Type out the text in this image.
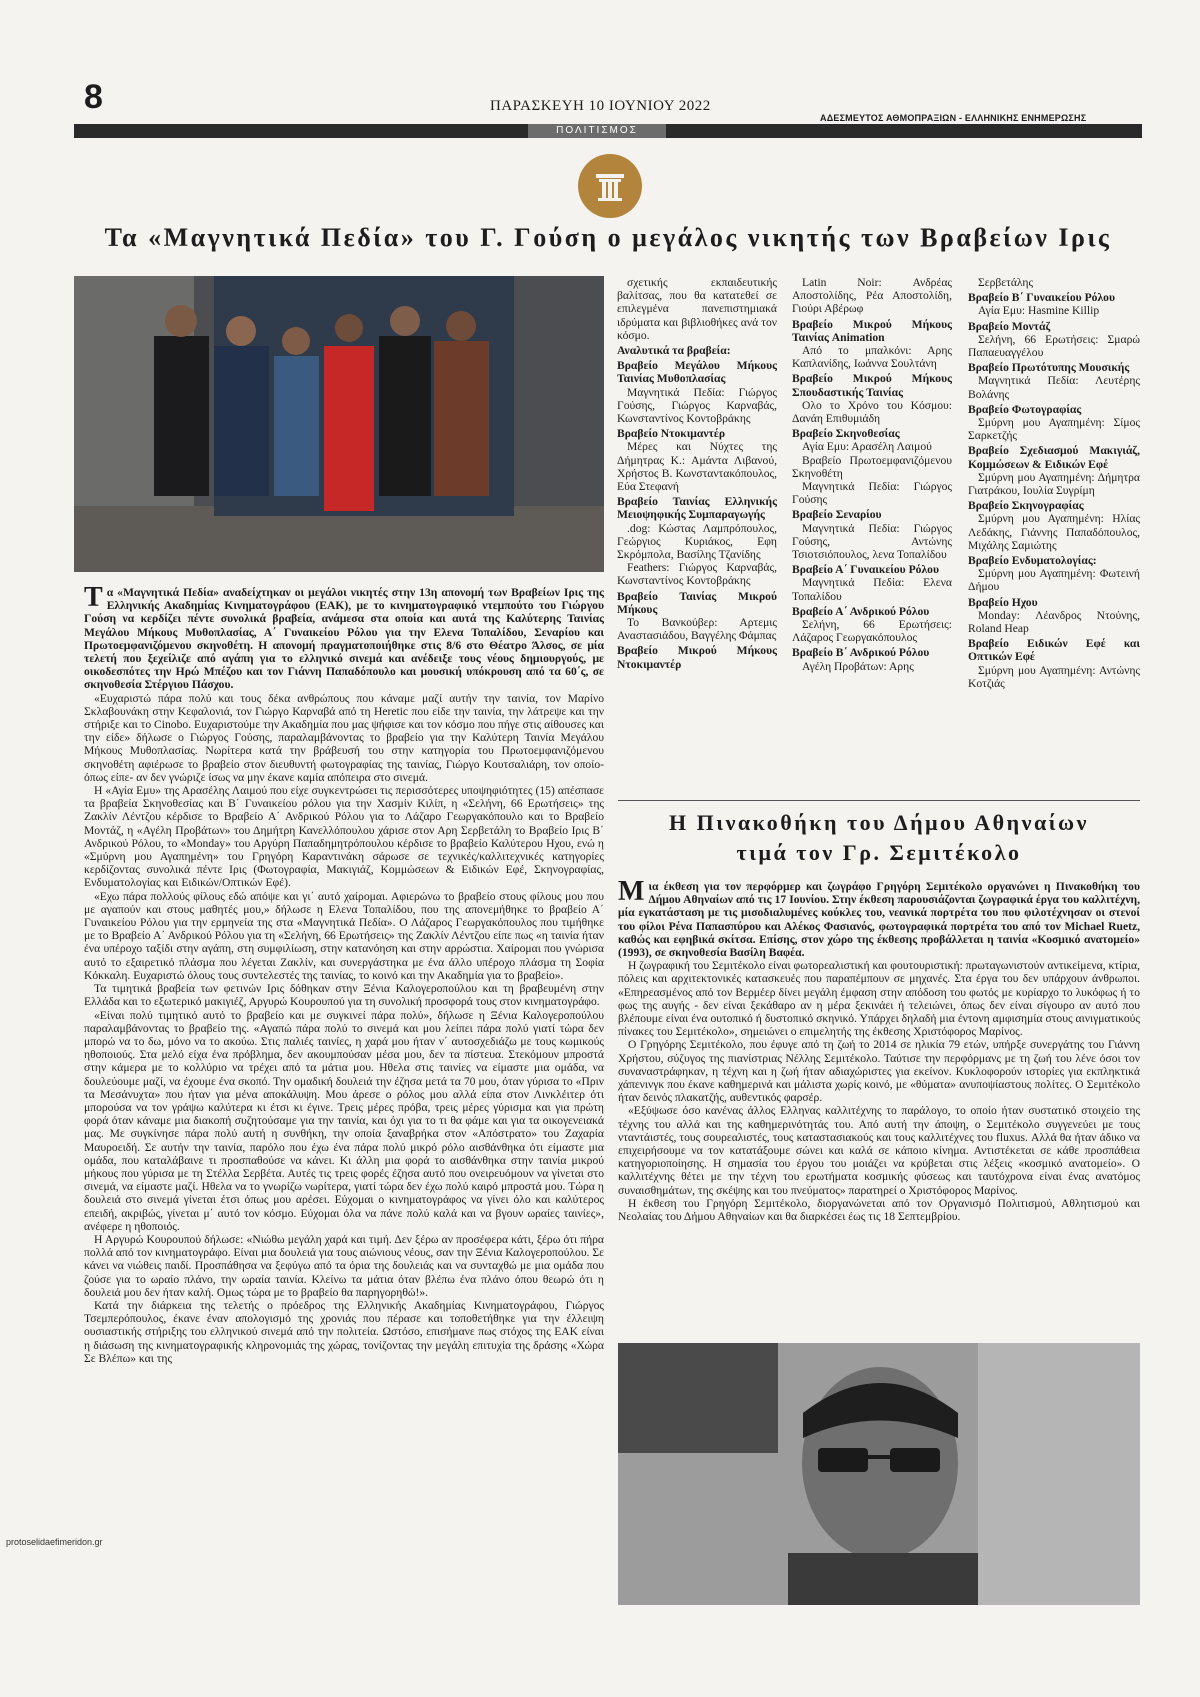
8	ΠΑΡΑΣΚΕΥΗ 10 ΙΟΥΝΙΟΥ 2022
ΑΔΕΣΜΕΥΤΟΣ ΑΘΜΟΠΡΑΞΙΩΝ - ΕΛΛΗΝΙΚΗΣ ΕΝΗΜΕΡΩΣΗΣ
ΠΟΛΙΤΙΣΜΟΣ
Τα «Μαγνητικά Πεδία» του Γ. Γούση ο μεγάλος νικητής των Βραβείων Ιρις

Τα «Μαγνητικά Πεδία» αναδείχτηκαν οι μεγάλοι νικητές στην 13η απονομή των Βραβείων Ιρις της Ελληνικής Ακαδημίας Κινηματογράφου (ΕΑΚ), με το κινηματογραφικό ντεμπούτο του Γιώργου Γούση να κερδίζει πέντε συνολικά βραβεία, ανάμεσα στα οποία και αυτά της Καλύτερης Ταινίας Μεγάλου Μήκους Μυθοπλασίας, Α΄ Γυναικείου Ρόλου για την Ελενα Τοπαλίδου, Σεναρίου και Πρωτοεμφανιζόμενου σκηνοθέτη. Η απονομή πραγματοποιήθηκε στις 8/6 στο Θέατρο Άλσος, σε μία τελετή που ξεχείλιζε από αγάπη για το ελληνικό σινεμά και ανέδειξε τους νέους δημιουργούς, με οικοδεσπότες την Ηρώ Μπέζου και τον Γιάννη Παπαδόπουλο και μουσική υπόκρουση από τα 60΄ς, σε σκηνοθεσία Στέργιου Πάσχου.

«Ευχαριστώ πάρα πολύ και τους δέκα ανθρώπους που κάναμε μαζί αυτήν την ταινία, τον Μαρίνο Σκλαβουνάκη στην Κεφαλονιά, τον Γιώργο Καρναβά από τη Heretic που είδε την ταινία, την λάτρεψε και την στήριξε και το Cinobo. Ευχαριστούμε την Ακαδημία που μας ψήφισε και τον κόσμο που πήγε στις αίθουσες και την είδε» δήλωσε ο Γιώργος Γούσης, παραλαμβάνοντας το βραβείο για την Καλύτερη Ταινία Μεγάλου Μήκους Μυθοπλασίας. Νωρίτερα κατά την βράβευσή του στην κατηγορία του Πρωτοεμφανιζόμενου σκηνοθέτη αφιέρωσε το βραβείο στον διευθυντή φωτογραφίας της ταινίας, Γιώργο Κουτσαλιάρη, τον οποίο- όπως είπε- αν δεν γνώριζε ίσως να μην έκανε καμία απόπειρα στο σινεμά.

Η «Αγία Εμυ» της Αρασέλης Λαιμού που είχε συγκεντρώσει τις περισσότερες υποψηφιότητες (15) απέσπασε τα βραβεία Σκηνοθεσίας και Β΄ Γυναικείου ρόλου για την Χασμίν Κιλίπ, η «Σελήνη, 66 Ερωτήσεις» της Ζακλίν Λέντζου κέρδισε το Βραβείο Α΄ Ανδρικού Ρόλου για το Λάζαρο Γεωργακόπουλο και το Βραβείο Μοντάζ, η «Αγέλη Προβάτων» του Δημήτρη Κανελλόπουλου χάρισε στον Αρη Σερβετάλη το Βραβείο Ιρις Β΄ Ανδρικού Ρόλου, το «Monday» του Αργύρη Παπαδημητρόπουλου κέρδισε το βραβείο Καλύτερου Ηχου, ενώ η «Σμύρνη μου Αγαπημένη» του Γρηγόρη Καραντινάκη σάρωσε σε τεχνικές/καλλιτεχνικές κατηγορίες κερδίζοντας συνολικά πέντε Ιρις (Φωτογραφία, Μακιγιάζ, Κομμώσεων & Ειδικών Εφέ, Σκηνογραφίας, Ενδυματολογίας και Ειδικών/Οπτικών Εφέ).

«Εχω πάρα πολλούς φίλους εδώ απόψε και γι΄ αυτό χαίρομαι. Αφιερώνω το βραβείο στους φίλους μου που με αγαπούν και στους μαθητές μου,» δήλωσε η Ελενα Τοπαλίδου, που της απονεμήθηκε το βραβείο Α΄ Γυναικείου Ρόλου για την ερμηνεία της στα «Μαγνητικά Πεδία». Ο Λάζαρος Γεωργακόπουλος που τιμήθηκε με το Βραβείο Α΄ Ανδρικού Ρόλου για τη «Σελήνη, 66 Ερωτήσεις» της Ζακλίν Λέντζου είπε πως «η ταινία ήταν ένα υπέροχο ταξίδι στην αγάπη, στη συμφιλίωση, στην κατανόηση και στην αρρώστια. Χαίρομαι που γνώρισα αυτό το εξαιρετικό πλάσμα που λέγεται Ζακλίν, και συνεργάστηκα με ένα άλλο υπέροχο πλάσμα τη Σοφία Κόκκαλη. Ευχαριστώ όλους τους συντελεστές της ταινίας, το κοινό και την Ακαδημία για το βραβείο».

Τα τιμητικά βραβεία των φετινών Ιρις δόθηκαν στην Ξένια Καλογεροπούλου και τη βραβευμένη στην Ελλάδα και το εξωτερικό μακιγιέζ, Αργυρώ Κουρουπού για τη συνολική προσφορά τους στον κινηματογράφο.

«Είναι πολύ τιμητικό αυτό το βραβείο και με συγκινεί πάρα πολύ», δήλωσε η Ξένια Καλογεροπούλου παραλαμβάνοντας το βραβείο της. «Αγαπώ πάρα πολύ το σινεμά και μου λείπει πάρα πολύ γιατί τώρα δεν μπορώ να το δω, μόνο να το ακούω. Στις παλιές ταινίες, η χαρά μου ήταν ν΄ αυτοσχεδιάζω με τους κωμικούς ηθοποιούς. Στα μελό είχα ένα πρόβλημα, δεν ακουμπούσαν μέσα μου, δεν τα πίστευα. Στεκόμουν μπροστά στην κάμερα με το κολλύριο να τρέχει από τα μάτια μου. Ηθελα στις ταινίες να είμαστε μια ομάδα, να δουλεύουμε μαζί, να έχουμε ένα σκοπό. Την ομαδική δουλειά την έζησα μετά τα 70 μου, όταν γύρισα το «Πριν τα Μεσάνυχτα» που ήταν για μένα αποκάλυψη. Μου άρεσε ο ρόλος μου αλλά είπα στον Λινκλέιτερ ότι μπορούσα να τον γράψω καλύτερα κι έτσι κι έγινε. Τρεις μέρες πρόβα, τρεις μέρες γύρισμα και για πρώτη φορά όταν κάναμε μια διακοπή συζητούσαμε για την ταινία, και όχι για το τι θα φάμε και για τα οικογενειακά μας. Με συγκίνησε πάρα πολύ αυτή η συνθήκη, την οποία ξαναβρήκα στον «Απόστρατο» του Ζαχαρία Μαυροειδή. Σε αυτήν την ταινία, παρόλο που έχω ένα πάρα πολύ μικρό ρόλο αισθάνθηκα ότι είμαστε μια ομάδα, που καταλάβαινε τι προσπαθούσε να κάνει. Κι άλλη μια φορά το αισθάνθηκα στην ταινία μικρού μήκους που γύρισα με τη Στέλλα Σερβέτα. Αυτές τις τρεις φορές έζησα αυτό που ονειρευόμουν να γίνεται στο σινεμά, να είμαστε μαζί. Ηθελα να το γνωρίζω νωρίτερα, γιατί τώρα δεν έχω πολύ καιρό μπροστά μου. Τώρα η δουλειά στο σινεμά γίνεται έτσι όπως μου αρέσει. Εύχομαι ο κινηματογράφος να γίνει όλο και καλύτερος επειδή, ακριβώς, γίνεται μ΄ αυτό τον κόσμο. Εύχομαι όλα να πάνε πολύ καλά και να βγουν ωραίες ταινίες», ανέφερε η ηθοποιός.

Η Αργυρώ Κουρουπού δήλωσε: «Νιώθω μεγάλη χαρά και τιμή. Δεν ξέρω αν προσέφερα κάτι, ξέρω ότι πήρα πολλά από τον κινηματογράφο. Είναι μια δουλειά για τους αιώνιους νέους, σαν την Ξένια Καλογεροπούλου. Σε κάνει να νιώθεις παιδί. Προσπάθησα να ξεφύγω από τα όρια της δουλειάς και να συνταχθώ με μια ομάδα που ζούσε για το ωραίο πλάνο, την ωραία ταινία. Κλείνω τα μάτια όταν βλέπω ένα πλάνο όπου θεωρώ ότι η δουλειά μου δεν ήταν καλή. Ομως τώρα με το βραβείο θα παρηγορηθώ!».

Κατά την διάρκεια της τελετής ο πρόεδρος της Ελληνικής Ακαδημίας Κινηματογράφου, Γιώργος Τσεμπερόπουλος, έκανε έναν απολογισμό της χρονιάς που πέρασε και τοποθετήθηκε για την έλλειψη ουσιαστικής στήριξης του ελληνικού σινεμά από την πολιτεία. Ωστόσο, επισήμανε πως στόχος της ΕΑΚ είναι η διάσωση της κινηματογραφικής κληρονομιάς της χώρας, τονίζοντας την μεγάλη επιτυχία της δράσης «Χώρα Σε Βλέπω» και της

σχετικής εκπαιδευτικής βαλίτσας, που θα κατατεθεί σε επιλεγμένα πανεπιστημιακά ιδρύματα και βιβλιοθήκες ανά τον κόσμο.

Αναλυτικά τα βραβεία:

Βραβείο Μεγάλου Μήκους Ταινίας Μυθοπλασίας

Μαγνητικά Πεδία: Γιώργος Γούσης, Γιώργος Καρναβάς, Κωνσταντίνος Κοντοβράκης

Βραβείο Ντοκιμαντέρ

Μέρες και Νύχτες της Δήμητρας Κ.: Αμάντα Λιβανού, Χρήστος Β. Κωνσταντακόπουλος, Εύα Στεφανή

Βραβείο Ταινίας Ελληνικής Μειοψηφικής Συμπαραγωγής

.dog: Κώστας Λαμπρόπουλος, Γεώργιος Κυριάκος, Εφη Σκρόμπολα, Βασίλης Τζανίδης

Feathers: Γιώργος Καρναβάς, Κωνσταντίνος Κοντοβράκης

Βραβείο Ταινίας Μικρού Μήκους

Το Βανκούβερ: Αρτεμις Αναστασιάδου, Βαγγέλης Φάμπας

Βραβείο Μικρού Μήκους Ντοκιμαντέρ

Latin Noir: Ανδρέας Αποστολίδης, Ρέα Αποστολίδη, Γιούρι Αβέρωφ

Βραβείο Μικρού Μήκους Ταινίας Animation

Από το μπαλκόνι: Αρης Καπλανίδης, Ιωάννα Σουλτάνη

Βραβείο Μικρού Μήκους Σπουδαστικής Ταινίας

Ολο το Χρόνο του Κόσμου: Δανάη Επιθυμιάδη

Βραβείο Σκηνοθεσίας

Αγία Εμυ: Αρασέλη Λαιμού

Βραβείο Πρωτοεμφανιζόμενου Σκηνοθέτη

Μαγνητικά Πεδία: Γιώργος Γούσης

Βραβείο Σεναρίου

Μαγνητικά Πεδία: Γιώργος Γούσης, Αντώνης Τσιοτσιόπουλος, λενα Τοπαλίδου

Βραβείο Α΄ Γυναικείου Ρόλου

Μαγνητικά Πεδία: Ελενα Τοπαλίδου

Βραβείο Α΄ Ανδρικού Ρόλου

Σελήνη, 66 Ερωτήσεις: Λάζαρος Γεωργακόπουλος

Βραβείο Β΄ Ανδρικού Ρόλου

Αγέλη Προβάτων: Αρης

Σερβετάλης

Βραβείο Β΄ Γυναικείου Ρόλου

Αγία Εμυ: Hasmine Killip

Βραβείο Μοντάζ

Σελήνη, 66 Ερωτήσεις: Σμαρώ Παπαευαγγέλου

Βραβείο Πρωτότυπης Μουσικής

Μαγνητικά Πεδία: Λευτέρης Βολάνης

Βραβείο Φωτογραφίας

Σμύρνη μου Αγαπημένη: Σίμος Σαρκετζής

Βραβείο Σχεδιασμού Μακιγιάζ, Κομμώσεων & Ειδικών Εφέ

Σμύρνη μου Αγαπημένη: Δήμητρα Γιατράκου, Ιουλία Συγρίμη

Βραβείο Σκηνογραφίας

Σμύρνη μου Αγαπημένη: Ηλίας Λεδάκης, Γιάννης Παπαδόπουλος, Μιχάλης Σαμιώτης

Βραβείο Ενδυματολογίας:

Σμύρνη μου Αγαπημένη: Φωτεινή Δήμου

Βραβείο Ηχου

Monday: Λέανδρος Ντούνης, Roland Heap

Βραβείο Ειδικών Εφέ και Οπτικών Εφέ

Σμύρνη μου Αγαπημένη: Αντώνης Κοτζιάς

Η Πινακοθήκη του Δήμου Αθηναίων
τιμά τον Γρ. Σεμιτέκολο

Μια έκθεση για τον περφόρμερ και ζωγράφο Γρηγόρη Σεμιτέκολο οργανώνει η Πινακοθήκη του Δήμου Αθηναίων από τις 17 Ιουνίου. Στην έκθεση παρουσιάζονται ζωγραφικά έργα του καλλιτέχνη, μία εγκατάσταση με τις μισοδιαλυμένες κούκλες του, νεανικά πορτρέτα του που φιλοτέχνησαν οι στενοί του φίλοι Ρένα Παπασπύρου και Αλέκος Φασιανός, φωτογραφικά πορτρέτα του από τον Michael Ruetz, καθώς και εφηβικά σκίτσα. Επίσης, στον χώρο της έκθεσης προβάλλεται η ταινία «Κοσμικό ανατομείο» (1993), σε σκηνοθεσία Βασίλη Βαφέα.

Η ζωγραφική του Σεμιτέκολο είναι φωτορεαλιστική και φουτουριστική: πρωταγωνιστούν αντικείμενα, κτίρια, πόλεις και αρχιτεκτονικές κατασκευές που παραπέμπουν σε μηχανές. Στα έργα του δεν υπάρχουν άνθρωποι. «Επηρεασμένος από τον Βερμέερ δίνει μεγάλη έμφαση στην απόδοση του φωτός με κυρίαρχο το λυκόφως ή το φως της αυγής - δεν είναι ξεκάθαρο αν η μέρα ξεκινάει ή τελειώνει, όπως δεν είναι σίγουρο αν αυτό που βλέπουμε είναι ένα ουτοπικό ή δυστοπικό σκηνικό. Υπάρχει δηλαδή μια έντονη αμφισημία στους αινιγματικούς πίνακες του Σεμιτέκολο», σημειώνει ο επιμελητής της έκθεσης Χριστόφορος Μαρίνος.

Ο Γρηγόρης Σεμιτέκολο, που έφυγε από τη ζωή το 2014 σε ηλικία 79 ετών, υπήρξε συνεργάτης του Γιάννη Χρήστου, σύζυγος της πιανίστριας Νέλλης Σεμιτέκολο. Ταύτισε την περφόρμανς με τη ζωή του λένε όσοι τον συναναστράφηκαν, η τέχνη και η ζωή ήταν αδιαχώριστες για εκείνον. Κυκλοφορούν ιστορίες για εκπληκτικά χάπενινγκ που έκανε καθημερινά και μάλιστα χωρίς κοινό, με «θύματα» ανυποψίαστους πολίτες. Ο Σεμιτέκολο ήταν δεινός πλακατζής, αυθεντικός φαρσέρ.

«Εξύψωσε όσο κανένας άλλος Ελληνας καλλιτέχνης το παράλογο, το οποίο ήταν συστατικό στοιχείο της τέχνης του αλλά και της καθημερινότητάς του. Από αυτή την άποψη, ο Σεμιτέκολο συγγενεύει με τους νταντάιστές, τους σουρεαλιστές, τους καταστασιακούς και τους καλλιτέχνες του fluxus. Αλλά θα ήταν άδικο να επιχειρήσουμε να τον κατατάξουμε σώνει και καλά σε κάποιο κίνημα. Αντιστέκεται σε κάθε προσπάθεια κατηγοριοποίησης. Η σημασία του έργου του μοιάζει να κρύβεται στις λέξεις «κοσμικό ανατομείο». Ο καλλιτέχνης θέτει με την τέχνη του ερωτήματα κοσμικής φύσεως και ταυτόχρονα είναι ένας ανατόμος συναισθημάτων, της σκέψης και του πνεύματος» παρατηρεί ο Χριστόφορος Μαρίνος.

Η έκθεση του Γρηγόρη Σεμιτέκολο, διοργανώνεται από τον Οργανισμό Πολιτισμού, Αθλητισμού και Νεολαίας του Δήμου Αθηναίων και θα διαρκέσει έως τις 18 Σεπτεμβρίου.

protoselidaefimeridon.gr
